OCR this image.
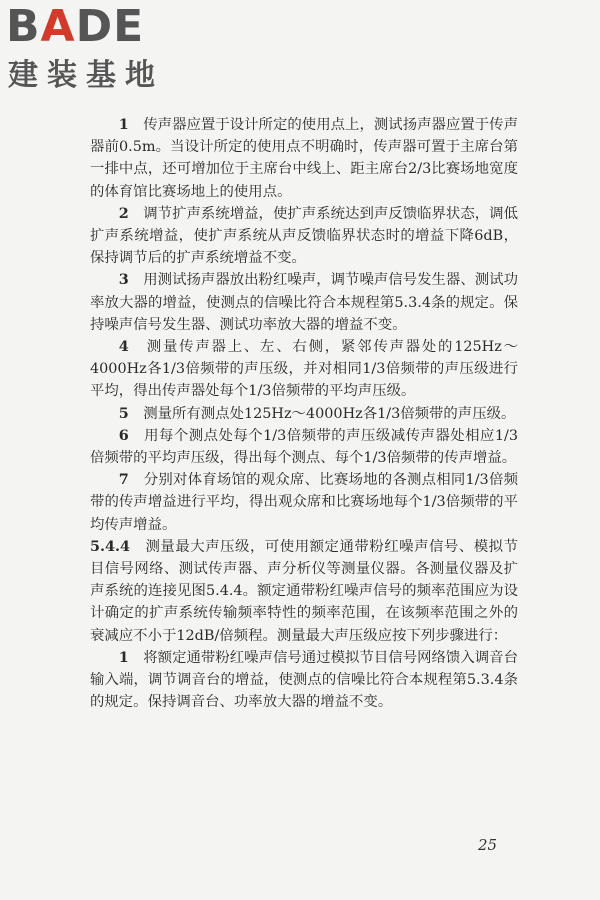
BADE
建装基地

1　 传声器应置于设计所定的使用点上，测试扬声器应置于传声器前0.5m。当设计所定的使用点不明确时，传声器可置于主席台第一排中点，还可增加位于主席台中线上、距主席台2/3比赛场地宽度的体育馆比赛场地上的使用点。

2　 调节扩声系统增益，使扩声系统达到声反馈临界状态，调低扩声系统增益，使扩声系统从声反馈临界状态时的增益下降6dB，保持调节后的扩声系统增益不变。

3　 用测试扬声器放出粉红噪声，调节噪声信号发生器、测试功率放大器的增益，使测点的信噪比符合本规程第5.3.4条的规定。保持噪声信号发生器、测试功率放大器的增益不变。

4　 测量传声器上、左、右侧，紧邻传声器处的125Hz～4000Hz各1/3倍频带的声压级，并对相同1/3倍频带的声压级进行平均，得出传声器处每个1/3倍频带的平均声压级。

5　 测量所有测点处125Hz～4000Hz各1/3倍频带的声压级。

6　 用每个测点处每个1/3倍频带的声压级减传声器处相应1/3倍频带的平均声压级，得出每个测点、每个1/3倍频带的传声增益。

7　 分别对体育场馆的观众席、比赛场地的各测点相同1/3倍频带的传声增益进行平均，得出观众席和比赛场地每个1/3倍频带的平均传声增益。

5.4.4　 测量最大声压级，可使用额定通带粉红噪声信号、模拟节目信号网络、测试传声器、声分析仪等测量仪器。各测量仪器及扩声系统的连接见图5.4.4。额定通带粉红噪声信号的频率范围应为设计确定的扩声系统传输频率特性的频率范围，在该频率范围之外的衰减应不小于12dB/倍频程。测量最大声压级应按下列步骤进行：

1　 将额定通带粉红噪声信号通过模拟节目信号网络馈入调音台输入端，调节调音台的增益，使测点的信噪比符合本规程第5.3.4条的规定。保持调音台、功率放大器的增益不变。

25
